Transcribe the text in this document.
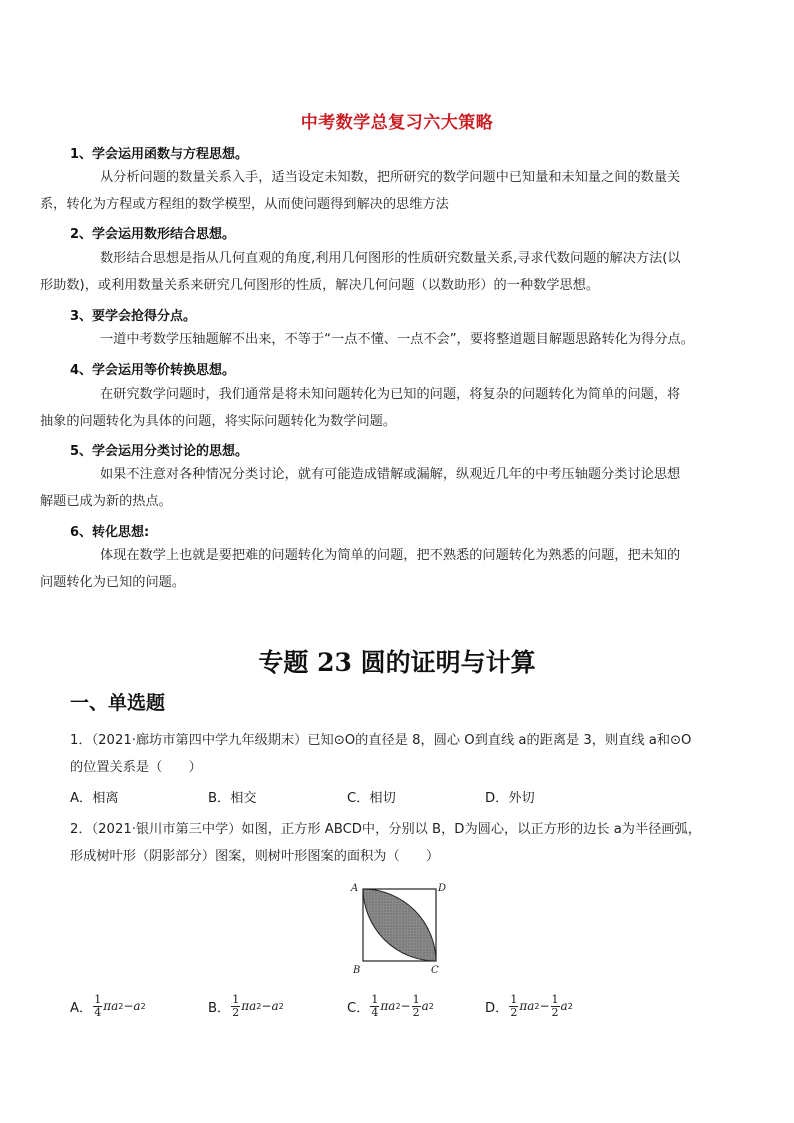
中考数学总复习六大策略
1、学会运用函数与方程思想。
从分析问题的数量关系入手，适当设定未知数，把所研究的数学问题中已知量和未知量之间的数量关
系，转化为方程或方程组的数学模型，从而使问题得到解决的思维方法
2、学会运用数形结合思想。
数形结合思想是指从几何直观的角度,利用几何图形的性质研究数量关系,寻求代数问题的解决方法(以
形助数)，或利用数量关系来研究几何图形的性质，解决几何问题（以数助形）的一种数学思想。
3、要学会抢得分点。
一道中考数学压轴题解不出来，不等于“一点不懂、一点不会”，要将整道题目解题思路转化为得分点。
4、学会运用等价转换思想。
在研究数学问题时，我们通常是将未知问题转化为已知的问题，将复杂的问题转化为简单的问题，将
抽象的问题转化为具体的问题，将实际问题转化为数学问题。
5、学会运用分类讨论的思想。
如果不注意对各种情况分类讨论，就有可能造成错解或漏解，纵观近几年的中考压轴题分类讨论思想
解题已成为新的热点。
6、转化思想:
体现在数学上也就是要把难的问题转化为简单的问题，把不熟悉的问题转化为熟悉的问题，把未知的
问题转化为已知的问题。
专题 23 圆的证明与计算
一、单选题
1．（2021·廊坊市第四中学九年级期末）已知⊙O的直径是 8，圆心 O到直线 a的距离是 3，则直线 a和⊙O
的位置关系是（　　）
A．相离	B．相交	C．相切	D．外切
2．（2021·银川市第三中学）如图，正方形 ABCD中，分别以 B，D为圆心，以正方形的边长 a为半径画弧，
形成树叶形（阴影部分）图案，则树叶形图案的面积为（　　）
A	D
B	C
A． $\frac{1}{4}$ πa 2 − a 2	B． $\frac{1}{2}$ πa 2 − a 2	C． $\frac{1}{4}$ πa $2 - \frac{1}{2}$ a 2	D． $\frac{1}{2}$ πa $2 - \frac{1}{2}$ a 2
